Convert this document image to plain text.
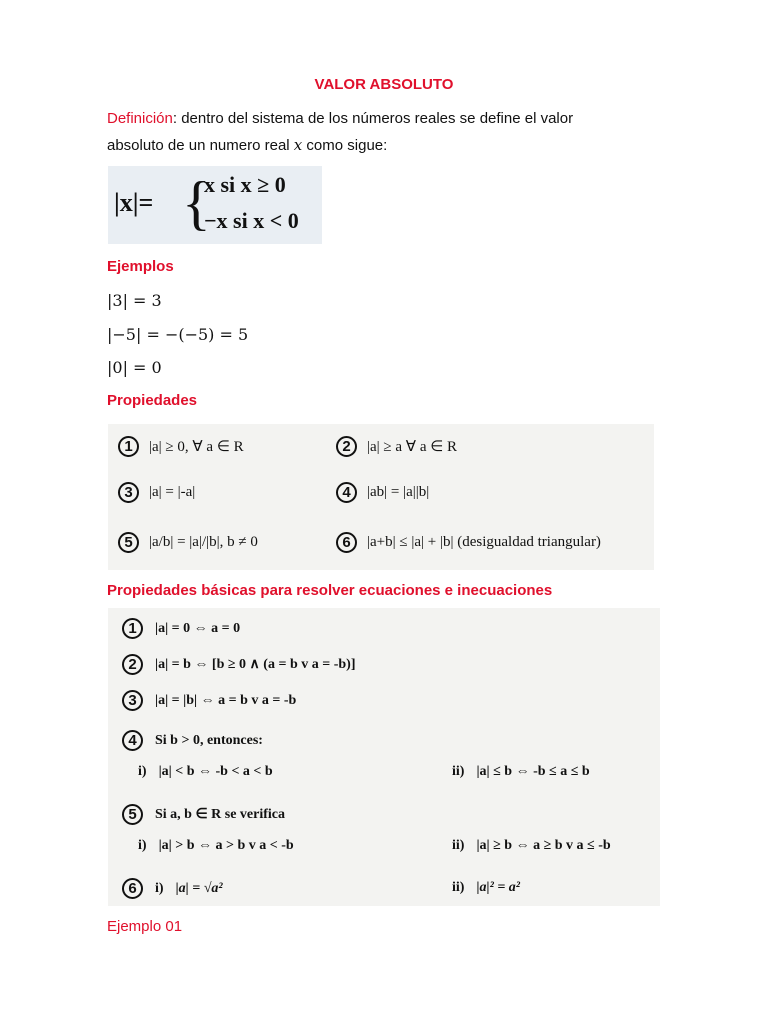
VALOR ABSOLUTO
Definición: dentro del sistema de los números reales se define el valor
absoluto de un numero real x como sigue:
|x|= {
x si x ≥ 0
−x si x < 0
Ejemplos
|3| = 3
|−5| = −(−5) = 5
|0| = 0
Propiedades
1	|a| ≥ 0, ∀ a ∈ R	2	|a| ≥ a ∀ a ∈ R
3	|a| = |-a|	4	|ab| = |a||b|
5	|a/b| = |a|/|b|, b ≠ 0	6	|a+b| ≤ |a| + |b| (desigualdad triangular)
Propiedades básicas para resolver ecuaciones e inecuaciones
1	|a| = 0 ⇔ a = 0
2	|a| = b ⇔ [b ≥ 0 ∧ (a = b v a = -b)]
3	|a| = |b| ⇔ a = b v a = -b
4	Si b > 0, entonces:
i) |a| < b ⇔ -b < a < b	ii) |a| ≤ b ⇔ -b ≤ a ≤ b
5	Si a, b ∈ R se verifica
i) |a| > b ⇔ a > b v a < -b	ii) |a| ≥ b ⇔ a ≥ b v a ≤ -b
6	i) |a| = √a²	ii) |a|² = a²
Ejemplo 01
